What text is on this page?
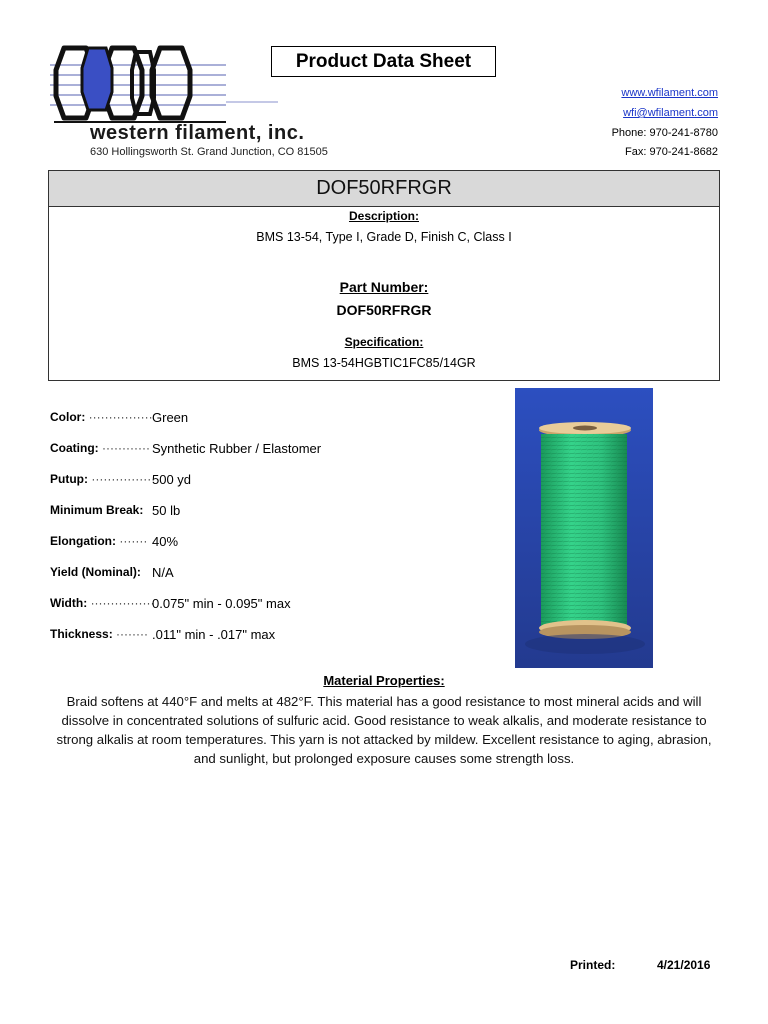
western filament, inc.
630 Hollingsworth St. Grand Junction, CO 81505
Product Data Sheet
www.wfilament.com
wfi@wfilament.com
Phone: 970-241-8780
Fax: 970-241-8682
DOF50RFRGR
Description:
BMS 13-54, Type I, Grade D, Finish C, Class I
Part Number:
DOF50RFRGR
Specification:
BMS 13-54HGBTIC1FC85/14GR
Color: ················ Green
Coating: ············ Synthetic Rubber / Elastomer
Putup: ················
500 yd
Minimum Break: 50 lb
Elongation: ······· 40%
Yield (Nominal): N/A
Width: ················
0.075" min - 0.095" max
Thickness: ········ .011" min - .017" max
Material Properties:
Braid softens at 440°F and melts at 482°F. This material has a good resistance to most mineral acids and will dissolve in concentrated solutions of sulfuric acid. Good resistance to weak alkalis, and moderate resistance to strong alkalis at room temperatures. This yarn is not attacked by mildew. Excellent resistance to aging, abrasion, and sunlight, but prolonged exposure causes some strength loss.
Printed:	4/21/2016
